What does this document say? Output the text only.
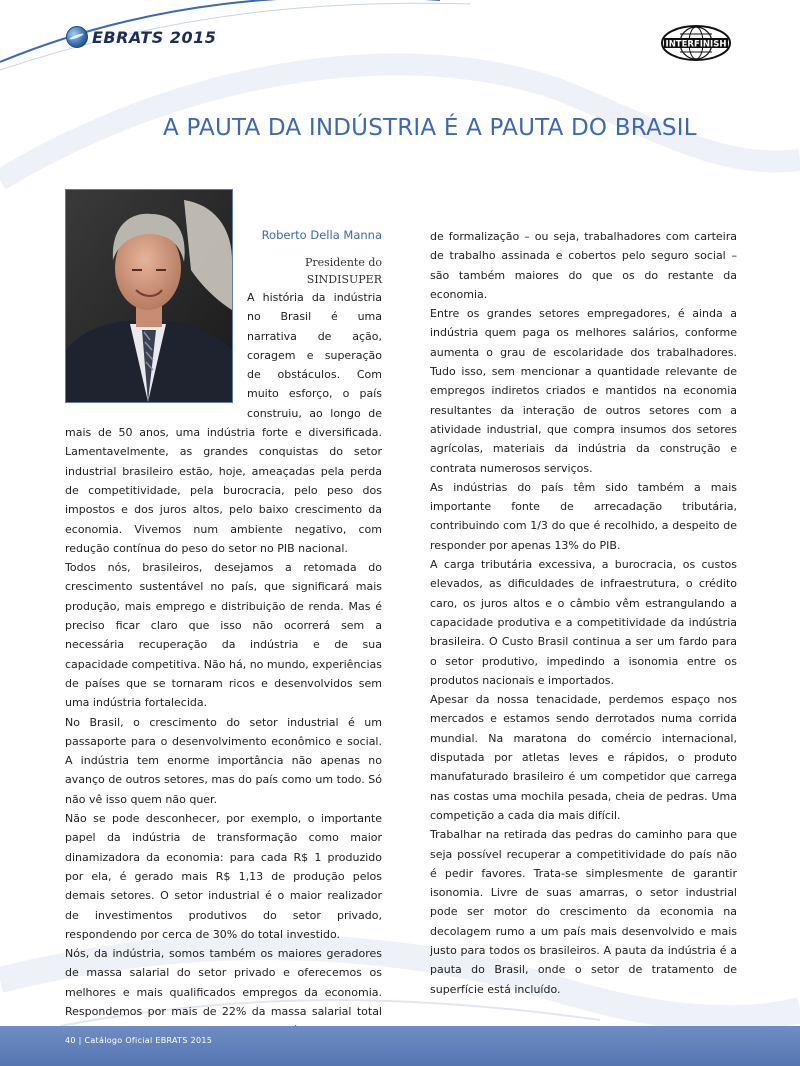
EBRATS 2015	INTERFINISH
A PAUTA DA INDÚSTRIA É A PAUTA DO BRASIL
Roberto Della Manna
Presidente do
SINDISUPER

A história da indústria no Brasil é uma narrativa de ação, coragem e superação de obstáculos. Com muito esforço, o país construiu, ao longo de mais de 50 anos, uma indústria forte e diversificada. Lamentavelmente, as grandes conquistas do setor industrial brasileiro estão, hoje, ameaçadas pela perda de competitividade, pela burocracia, pelo peso dos impostos e dos juros altos, pelo baixo crescimento da economia. Vivemos num ambiente negativo, com redução contínua do peso do setor no PIB nacional.

Todos nós, brasileiros, desejamos a retomada do crescimento sustentável no país, que significará mais produção, mais emprego e distribuição de renda. Mas é preciso ficar claro que isso não ocorrerá sem a necessária recuperação da indústria e de sua capacidade competitiva. Não há, no mundo, experiências de países que se tornaram ricos e desenvolvidos sem uma indústria fortalecida.

No Brasil, o crescimento do setor industrial é um passaporte para o desenvolvimento econômico e social. A indústria tem enorme importância não apenas no avanço de outros setores, mas do país como um todo. Só não vê isso quem não quer.

Não se pode desconhecer, por exemplo, o importante papel da indústria de transformação como maior dinamizadora da economia: para cada R$ 1 produzido por ela, é gerado mais R$ 1,13 de produção pelos demais setores. O setor industrial é o maior realizador de investimentos produtivos do setor privado, respondendo por cerca de 30% do total investido.

Nós, da indústria, somos também os maiores geradores de massa salarial do setor privado e oferecemos os melhores e mais qualificados empregos da economia. Respondemos por mais de 22% da massa salarial total

de formalização – ou seja, trabalhadores com carteira de trabalho assinada e cobertos pelo seguro social – são também maiores do que os do restante da economia.

Entre os grandes setores empregadores, é ainda a indústria quem paga os melhores salários, conforme aumenta o grau de escolaridade dos trabalhadores. Tudo isso, sem mencionar a quantidade relevante de empregos indiretos criados e mantidos na economia resultantes da interação de outros setores com a atividade industrial, que compra insumos dos setores agrícolas, materiais da indústria da construção e contrata numerosos serviços.

As indústrias do país têm sido também a mais importante fonte de arrecadação tributária, contribuindo com 1/3 do que é recolhido, a despeito de responder por apenas 13% do PIB.

A carga tributária excessiva, a burocracia, os custos elevados, as dificuldades de infraestrutura, o crédito caro, os juros altos e o câmbio vêm estrangulando a capacidade produtiva e a competitividade da indústria brasileira. O Custo Brasil continua a ser um fardo para o setor produtivo, impedindo a isonomia entre os produtos nacionais e importados.

Apesar da nossa tenacidade, perdemos espaço nos mercados e estamos sendo derrotados numa corrida mundial. Na maratona do comércio internacional, disputada por atletas leves e rápidos, o produto manufaturado brasileiro é um competidor que carrega nas costas uma mochila pesada, cheia de pedras. Uma competição a cada dia mais difícil.

Trabalhar na retirada das pedras do caminho para que seja possível recuperar a competitividade do país não é pedir favores. Trata-se simplesmente de garantir isonomia. Livre de suas amarras, o setor industrial pode ser motor do crescimento da economia na decolagem rumo a um país mais desenvolvido e mais justo para todos os brasileiros. A pauta da indústria é a pauta do Brasil, onde o setor de tratamento de superfície está incluído.

40 | Catálogo Oficial EBRATS 2015
